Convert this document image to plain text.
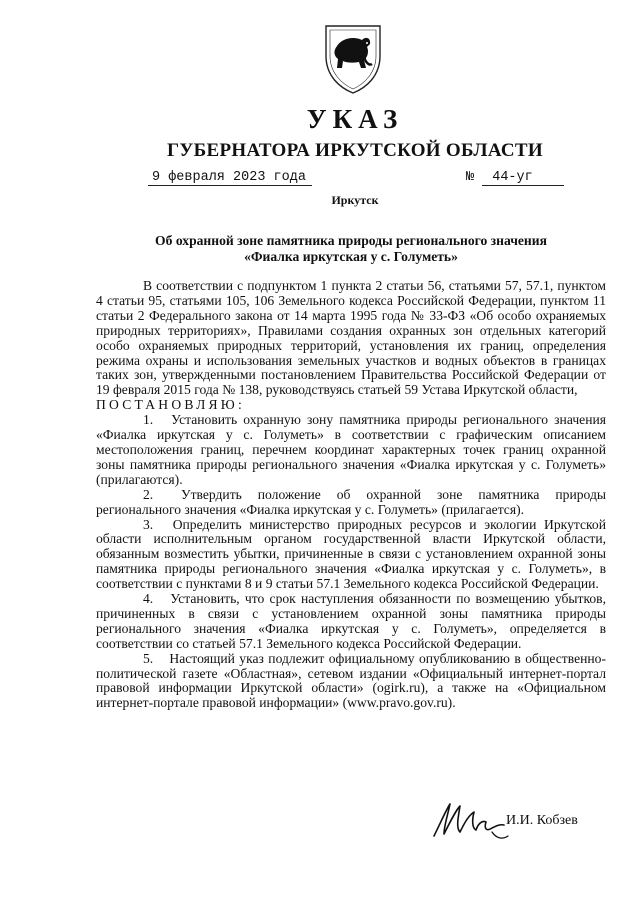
УКАЗ
ГУБЕРНАТОРА ИРКУТСКОЙ ОБЛАСТИ
9 февраля 2023 года	№ 44-уг
Иркутск
Об охранной зоне памятника природы регионального значения
«Фиалка иркутская у с. Голуметь»

В соответствии с подпунктом 1 пункта 2 статьи 56, статьями 57, 57.1, пунктом 4 статьи 95, статьями 105, 106 Земельного кодекса Российской Федерации, пунктом 11 статьи 2 Федерального закона от 14 марта 1995 года № 33-ФЗ «Об особо охраняемых природных территориях», Правилами создания охранных зон отдельных категорий особо охраняемых природных территорий, установления их границ, определения режима охраны и использования земельных участков и водных объектов в границах таких зон, утвержденными постановлением Правительства Российской Федерации от 19 февраля 2015 года № 138, руководствуясь статьей 59 Устава Иркутской области,

ПОСТАНОВЛЯЮ:

1. Установить охранную зону памятника природы регионального значения «Фиалка иркутская у с. Голуметь» в соответствии с графическим описанием местоположения границ, перечнем координат характерных точек границ охранной зоны памятника природы регионального значения «Фиалка иркутская у с. Голуметь» (прилагаются).

2. Утвердить положение об охранной зоне памятника природы регионального значения «Фиалка иркутская у с. Голуметь» (прилагается).

3. Определить министерство природных ресурсов и экологии Иркутской области исполнительным органом государственной власти Иркутской области, обязанным возместить убытки, причиненные в связи с установлением охранной зоны памятника природы регионального значения «Фиалка иркутская у с. Голуметь», в соответствии с пунктами 8 и 9 статьи 57.1 Земельного кодекса Российской Федерации.

4. Установить, что срок наступления обязанности по возмещению убытков, причиненных в связи с установлением охранной зоны памятника природы регионального значения «Фиалка иркутская у с. Голуметь», определяется в соответствии со статьей 57.1 Земельного кодекса Российской Федерации.

5. Настоящий указ подлежит официальному опубликованию в общественно-политической газете «Областная», сетевом издании «Официальный интернет-портал правовой информации Иркутской области» (ogirk.ru), а также на «Официальном интернет-портале правовой информации» (www.pravo.gov.ru).

И.И. Кобзев
